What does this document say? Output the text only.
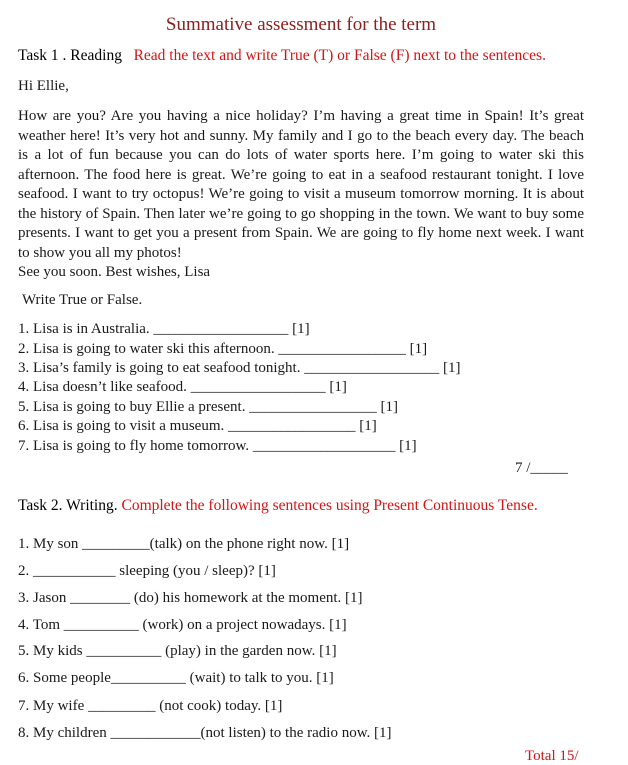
Summative assessment for the term
Task 1 . Reading Read the text and write True (T) or False (F) next to the sentences.
Hi Ellie,

How are you? Are you having a nice holiday? I’m having a great time in Spain! It’s great weather here! It’s very hot and sunny. My family and I go to the beach every day. The beach is a lot of fun because you can do lots of water sports here. I’m going to water ski this afternoon. The food here is great. We’re going to eat in a seafood restaurant tonight. I love seafood. I want to try octopus! We’re going to visit a museum tomorrow morning. It is about the history of Spain. Then later we’re going to go shopping in the town. We want to buy some presents. I want to get you a present from Spain. We are going to fly home next week. I want to show you all my photos!

See you soon. Best wishes, Lisa

Write True or False.
1. Lisa is in Australia. __________________ [1]
2. Lisa is going to water ski this afternoon. _________________ [1]
3. Lisa’s family is going to eat seafood tonight. __________________ [1]
4. Lisa doesn’t like seafood. __________________ [1]
5. Lisa is going to buy Ellie a present. _________________ [1]
6. Lisa is going to visit a museum. _________________ [1]
7. Lisa is going to fly home tomorrow. ___________________ [1]
7 /_____
Task 2. Writing. Complete the following sentences using Present Continuous Tense.
1. My son _________(talk) on the phone right now. [1]
2. ___________ sleeping (you / sleep)? [1]
3. Jason ________ (do) his homework at the moment. [1]
4. Tom __________ (work) on a project nowadays. [1]
5. My kids __________ (play) in the garden now. [1]
6. Some people__________ (wait) to talk to you. [1]
7. My wife _________ (not cook) today. [1]
8. My children ____________(not listen) to the radio now. [1]
Total 15/
